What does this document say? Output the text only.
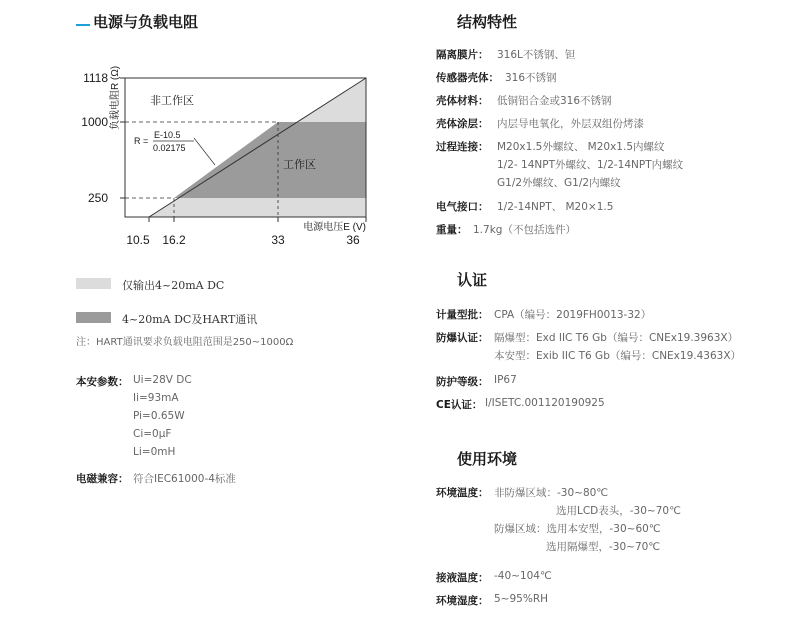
电源与负载电阻
1118
1000
250
10.5 16.2	33	36
电源电压E (V)
负载电阻R (Ω)	非工作区
工作区
R =
E-10.5
0.02175
仅输出4~20mA DC
4~20mA DC及HART通讯
注：HART通讯要求负载电阻范围是250~1000Ω
本安参数： Ui=28V DC
Ii=93mA
Pi=0.65W
Ci=0μF
Li=0mH
电磁兼容： 符合IEC61000-4标准
结构特性
隔离膜片： 316L不锈钢、钽
传感器壳体： 316不锈钢
壳体材料： 低铜铝合金或316不锈钢
壳体涂层： 内层导电氧化，外层双组份烤漆
过程连接： M20x1.5外螺纹、 M20x1.5内螺纹
1/2- 14NPT外螺纹、1/2-14NPT内螺纹
G1/2外螺纹、G1/2内螺纹
电气接口： 1/2-14NPT、 M20×1.5
重量： 1.7kg（不包括选件）
认证
计量型批： CPA（编号：2019FH0013-32）
防爆认证： 隔爆型：Exd IIC T6 Gb（编号：CNEx19.3963X）
本安型：Exib IIC T6 Gb（编号：CNEx19.4363X）
防护等级： IP67
CE认证： I/ISETC.001120190925
使用环境
环境温度： 非防爆区域：-30~80℃
选用LCD表头，-30~70℃
防爆区域：选用本安型，-30~60℃
选用隔爆型，-30~70℃
接液温度： -40~104℃
环境湿度： 5~95%RH
